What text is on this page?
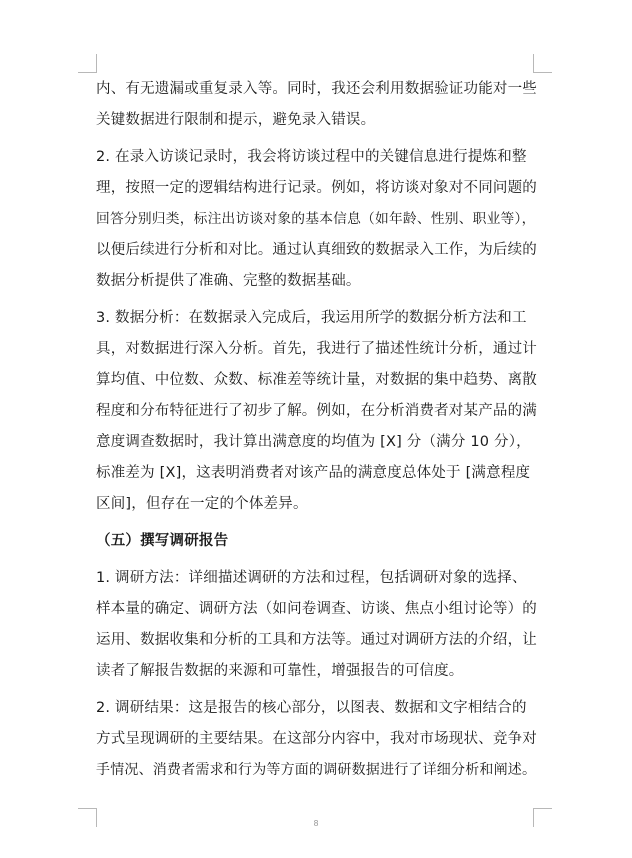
内、有无遗漏或重复录入等。同时，我还会利用数据验证功能对一些
关键数据进行限制和提示，避免录入错误。
2. 在录入访谈记录时，我会将访谈过程中的关键信息进行提炼和整
理，按照一定的逻辑结构进行记录。例如，将访谈对象对不同问题的
回答分别归类，标注出访谈对象的基本信息（如年龄、性别、职业等），
以便后续进行分析和对比。通过认真细致的数据录入工作，为后续的
数据分析提供了准确、完整的数据基础。
3. 数据分析：在数据录入完成后，我运用所学的数据分析方法和工
具，对数据进行深入分析。首先，我进行了描述性统计分析，通过计
算均值、中位数、众数、标准差等统计量，对数据的集中趋势、离散
程度和分布特征进行了初步了解。例如，在分析消费者对某产品的满
意度调查数据时，我计算出满意度的均值为 [X] 分（满分 10 分），
标准差为 [X]，这表明消费者对该产品的满意度总体处于 [满意程度
区间]，但存在一定的个体差异。
（五）撰写调研报告
1. 调研方法：详细描述调研的方法和过程，包括调研对象的选择、
样本量的确定、调研方法（如问卷调查、访谈、焦点小组讨论等）的
运用、数据收集和分析的工具和方法等。通过对调研方法的介绍，让
读者了解报告数据的来源和可靠性，增强报告的可信度。
2. 调研结果：这是报告的核心部分，以图表、数据和文字相结合的
方式呈现调研的主要结果。在这部分内容中，我对市场现状、竞争对
手情况、消费者需求和行为等方面的调研数据进行了详细分析和阐述。
8
